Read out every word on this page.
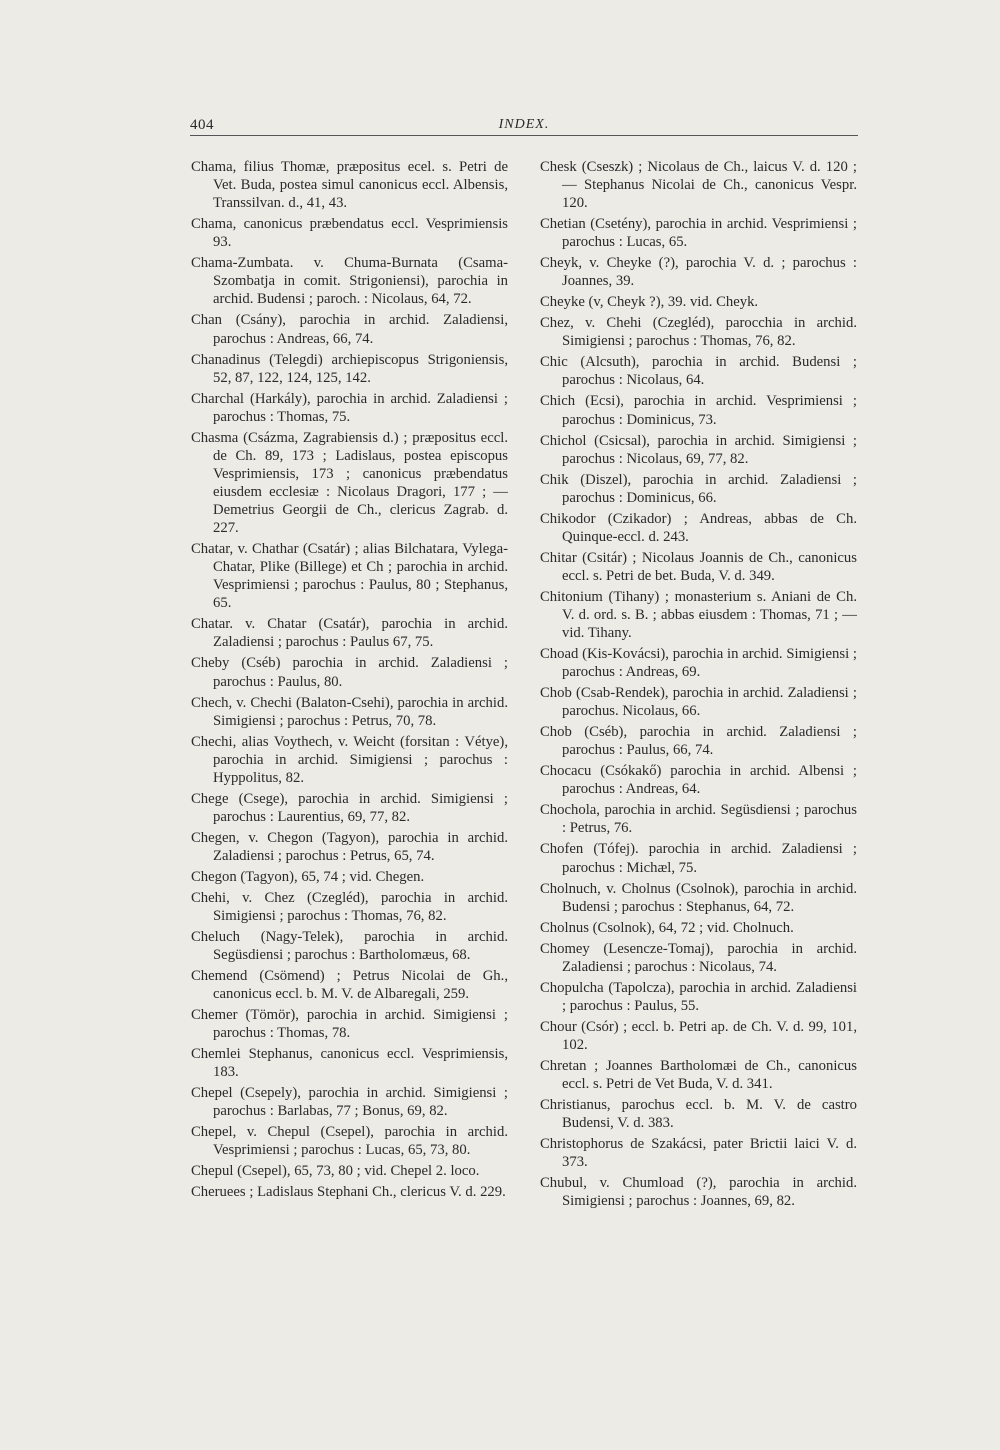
404	INDEX.

Chama, filius Thomæ, præpositus ecel. s. Petri de Vet. Buda, postea simul canonicus eccl. Albensis, Transsilvan. d., 41, 43.

Chama, canonicus præbendatus eccl. Vesprimiensis 93.

Chama-Zumbata. v. Chuma-Burnata (Csama-Szombatja in comit. Strigoniensi), parochia in archid. Budensi ; paroch. : Nicolaus, 64, 72.

Chan (Csány), parochia in archid. Zaladiensi, parochus : Andreas, 66, 74.

Chanadinus (Telegdi) archiepiscopus Strigoniensis, 52, 87, 122, 124, 125, 142.

Charchal (Harkály), parochia in archid. Zaladiensi ; parochus : Thomas, 75.

Chasma (Csázma, Zagrabiensis d.) ; præpositus eccl. de Ch. 89, 173 ; Ladislaus, postea episcopus Vesprimiensis, 173 ; canonicus præbendatus eiusdem ecclesiæ : Nicolaus Dragori, 177 ; — Demetrius Georgii de Ch., clericus Zagrab. d. 227.

Chatar, v. Chathar (Csatár) ; alias Bilchatara, Vylega-Chatar, Plike (Billege) et Ch ; parochia in archid. Vesprimiensi ; parochus : Paulus, 80 ; Stephanus, 65.

Chatar. v. Chatar (Csatár), parochia in archid. Zaladiensi ; parochus : Paulus 67, 75.

Cheby (Cséb) parochia in archid. Zaladiensi ; parochus : Paulus, 80.

Chech, v. Chechi (Balaton-Csehi), parochia in archid. Simigiensi ; parochus : Petrus, 70, 78.

Chechi, alias Voythech, v. Weicht (forsitan : Vétye), parochia in archid. Simigiensi ; parochus : Hyppolitus, 82.

Chege (Csege), parochia in archid. Simigiensi ; parochus : Laurentius, 69, 77, 82.

Chegen, v. Chegon (Tagyon), parochia in archid. Zaladiensi ; parochus : Petrus, 65, 74.

Chegon (Tagyon), 65, 74 ; vid. Chegen.

Chehi, v. Chez (Czegléd), parochia in archid. Simigiensi ; parochus : Thomas, 76, 82.

Cheluch (Nagy-Telek), parochia in archid. Següsdiensi ; parochus : Bartholomæus, 68.

Chemend (Csömend) ; Petrus Nicolai de Gh., canonicus eccl. b. M. V. de Albaregali, 259.

Chemer (Tömör), parochia in archid. Simigiensi ; parochus : Thomas, 78.

Chemlei Stephanus, canonicus eccl. Vesprimiensis, 183.

Chepel (Csepely), parochia in archid. Simigiensi ; parochus : Barlabas, 77 ; Bonus, 69, 82.

Chepel, v. Chepul (Csepel), parochia in archid. Vesprimiensi ; parochus : Lucas, 65, 73, 80.

Chepul (Csepel), 65, 73, 80 ; vid. Chepel 2. loco.

Cheruees ; Ladislaus Stephani Ch., clericus V. d. 229.

Chesk (Cseszk) ; Nicolaus de Ch., laicus V. d. 120 ; — Stephanus Nicolai de Ch., canonicus Vespr. 120.

Chetian (Csetény), parochia in archid. Vesprimiensi ; parochus : Lucas, 65.

Cheyk, v. Cheyke (?), parochia V. d. ; parochus : Joannes, 39.

Cheyke (v, Cheyk ?), 39. vid. Cheyk.

Chez, v. Chehi (Czegléd), parocchia in archid. Simigiensi ; parochus : Thomas, 76, 82.

Chic (Alcsuth), parochia in archid. Budensi ; parochus : Nicolaus, 64.

Chich (Ecsi), parochia in archid. Vesprimiensi ; parochus : Dominicus, 73.

Chichol (Csicsal), parochia in archid. Simigiensi ; parochus : Nicolaus, 69, 77, 82.

Chik (Diszel), parochia in archid. Zaladiensi ; parochus : Dominicus, 66.

Chikodor (Czikador) ; Andreas, abbas de Ch. Quinque-eccl. d. 243.

Chitar (Csitár) ; Nicolaus Joannis de Ch., canonicus eccl. s. Petri de bet. Buda, V. d. 349.

Chitonium (Tihany) ; monasterium s. Aniani de Ch. V. d. ord. s. B. ; abbas eiusdem : Thomas, 71 ; — vid. Tihany.

Choad (Kis-Kovácsi), parochia in archid. Simigiensi ; parochus : Andreas, 69.

Chob (Csab-Rendek), parochia in archid. Zaladiensi ; parochus. Nicolaus, 66.

Chob (Cséb), parochia in archid. Zaladiensi ; parochus : Paulus, 66, 74.

Chocacu (Csókakő) parochia in archid. Albensi ; parochus : Andreas, 64.

Chochola, parochia in archid. Següsdiensi ; parochus : Petrus, 76.

Chofen (Tófej). parochia in archid. Zaladiensi ; parochus : Michæl, 75.

Cholnuch, v. Cholnus (Csolnok), parochia in archid. Budensi ; parochus : Stephanus, 64, 72.

Cholnus (Csolnok), 64, 72 ; vid. Cholnuch.

Chomey (Lesencze-Tomaj), parochia in archid. Zaladiensi ; parochus : Nicolaus, 74.

Chopulcha (Tapolcza), parochia in archid. Zaladiensi ; parochus : Paulus, 55.

Chour (Csór) ; eccl. b. Petri ap. de Ch. V. d. 99, 101, 102.

Chretan ; Joannes Bartholomæi de Ch., canonicus eccl. s. Petri de Vet Buda, V. d. 341.

Christianus, parochus eccl. b. M. V. de castro Budensi, V. d. 383.

Christophorus de Szakácsi, pater Brictii laici V. d. 373.

Chubul, v. Chumload (?), parochia in archid. Simigiensi ; parochus : Joannes, 69, 82.
